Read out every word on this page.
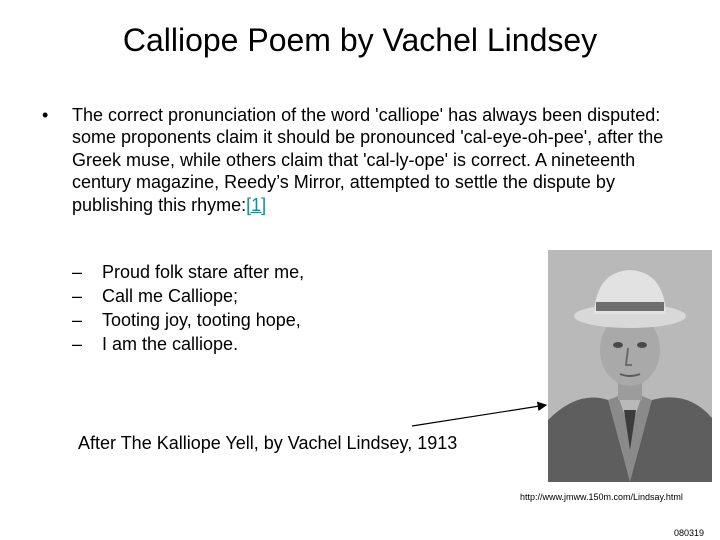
Calliope Poem by Vachel Lindsey
• The correct pronunciation of the word 'calliope' has always been disputed: some proponents claim it should be pronounced 'cal-eye-oh-pee', after the Greek muse, while others claim that 'cal-ly-ope' is correct. A nineteenth century magazine, Reedy’s Mirror, attempted to settle the dispute by publishing this rhyme:[1]
–	Proud folk stare after me,
–	Call me Calliope;
–	Tooting joy, tooting hope,
–	I am the calliope.
After The Kalliope Yell, by Vachel Lindsey, 1913
http://www.jmww.150m.com/Lindsay.html
080319
